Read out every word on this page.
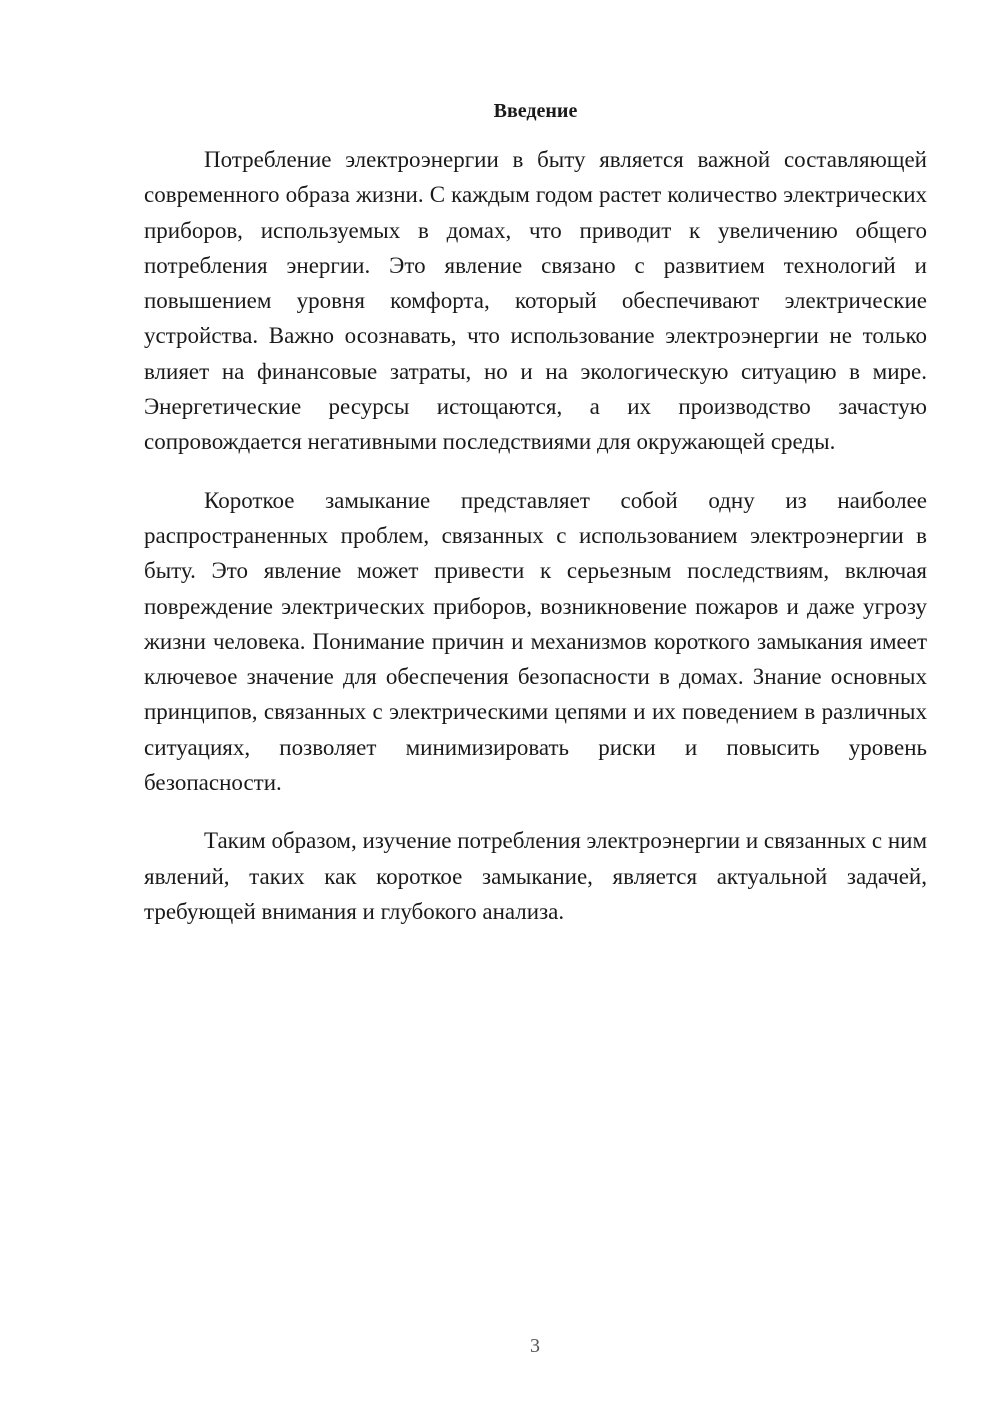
Введение

Потребление электроэнергии в быту является важной составляющей современного образа жизни. С каждым годом растет количество электрических приборов, используемых в домах, что приводит к увеличению общего потребления энергии. Это явление связано с развитием технологий и повышением уровня комфорта, который обеспечивают электрические устройства. Важно осознавать, что использование электроэнергии не только влияет на финансовые затраты, но и на экологическую ситуацию в мире. Энергетические ресурсы истощаются, а их производство зачастую сопровождается негативными последствиями для окружающей среды.

Короткое замыкание представляет собой одну из наиболее распространенных проблем, связанных с использованием электроэнергии в быту. Это явление может привести к серьезным последствиям, включая повреждение электрических приборов, возникновение пожаров и даже угрозу жизни человека. Понимание причин и механизмов короткого замыкания имеет ключевое значение для обеспечения безопасности в домах. Знание основных принципов, связанных с электрическими цепями и их поведением в различных ситуациях, позволяет минимизировать риски и повысить уровень безопасности.

Таким образом, изучение потребления электроэнергии и связанных с ним явлений, таких как короткое замыкание, является актуальной задачей, требующей внимания и глубокого анализа.

3
